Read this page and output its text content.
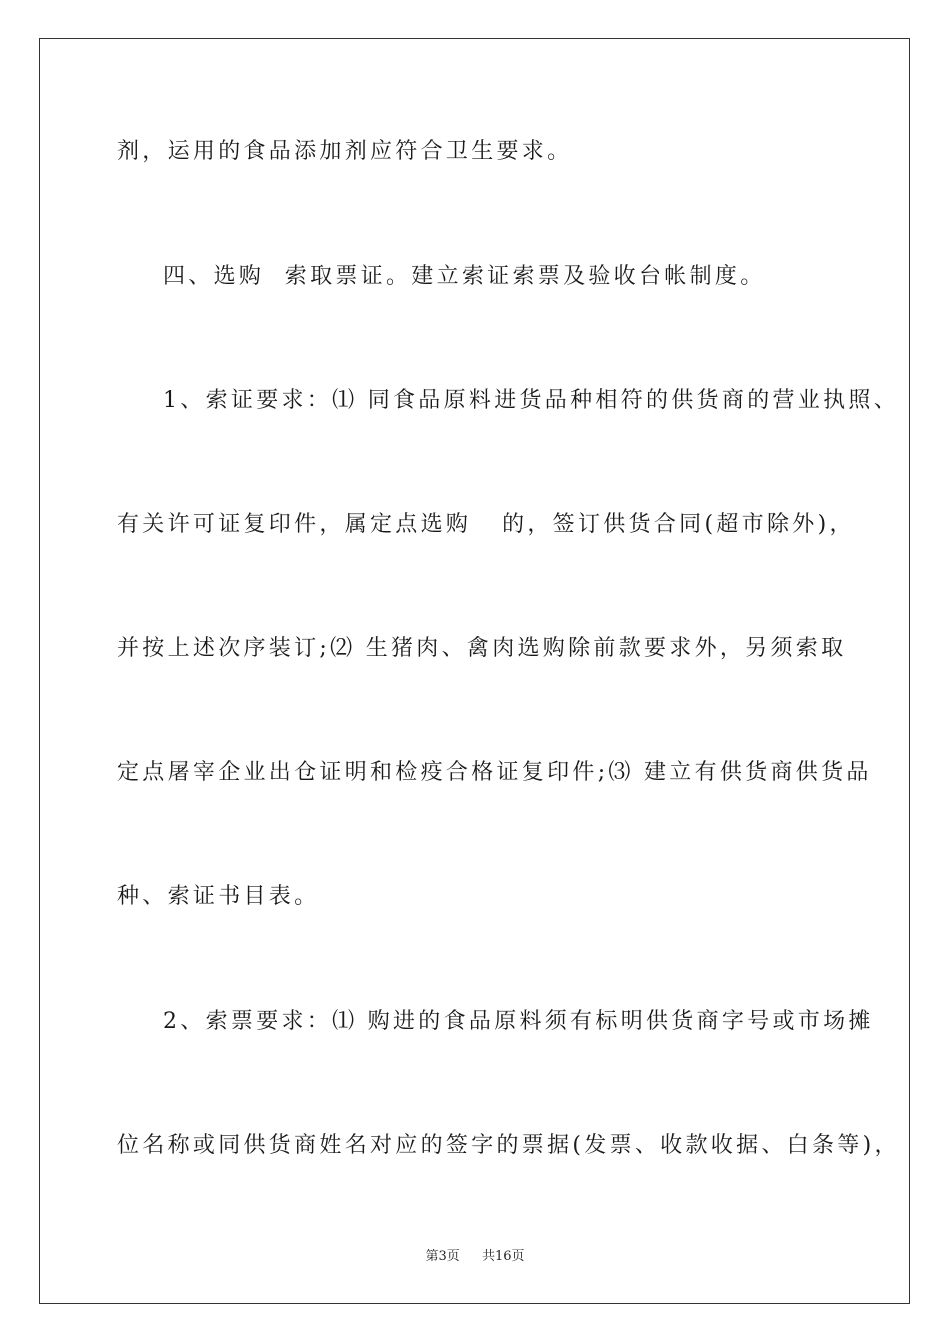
剂，运用的食品添加剂应符合卫生要求。
四、选购  索取票证。建立索证索票及验收台帐制度。
1、索证要求：⑴ 同食品原料进货品种相符的供货商的营业执照、
有关许可证复印件，属定点选购   的，签订供货合同(超市除外)，
并按上述次序装订;⑵ 生猪肉、禽肉选购除前款要求外，另须索取
定点屠宰企业出仓证明和检疫合格证复印件;⑶ 建立有供货商供货品
种、索证书目表。
2、索票要求：⑴ 购进的食品原料须有标明供货商字号或市场摊
位名称或同供货商姓名对应的签字的票据(发票、收款收据、白条等)，
第3页 共16页
